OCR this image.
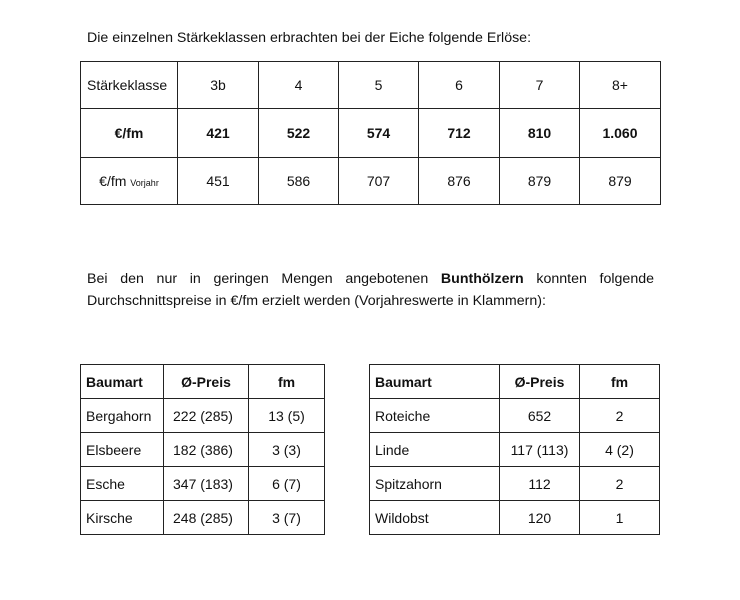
Die einzelnen Stärkeklassen erbrachten bei der Eiche folgende Erlöse:

Stärkeklasse	3b	4	5	6	7	8+
€/fm	421	522	574	712	810	1.060
€/fm Vorjahr	451	586	707	876	879	879

Bei den nur in geringen Mengen angebotenen Bunthölzern konnten folgende
Durchschnittspreise in €/fm erzielt werden (Vorjahreswerte in Klammern):

Baumart	Ø-Preis	fm
Bergahorn	222 (285)	13 (5)
Elsbeere	182 (386)	3 (3)
Esche	347 (183)	6 (7)
Kirsche	248 (285)	3 (7)
Baumart	Ø-Preis	fm
Roteiche	652	2
Linde	117 (113)	4 (2)
Spitzahorn	112	2
Wildobst	120	1
